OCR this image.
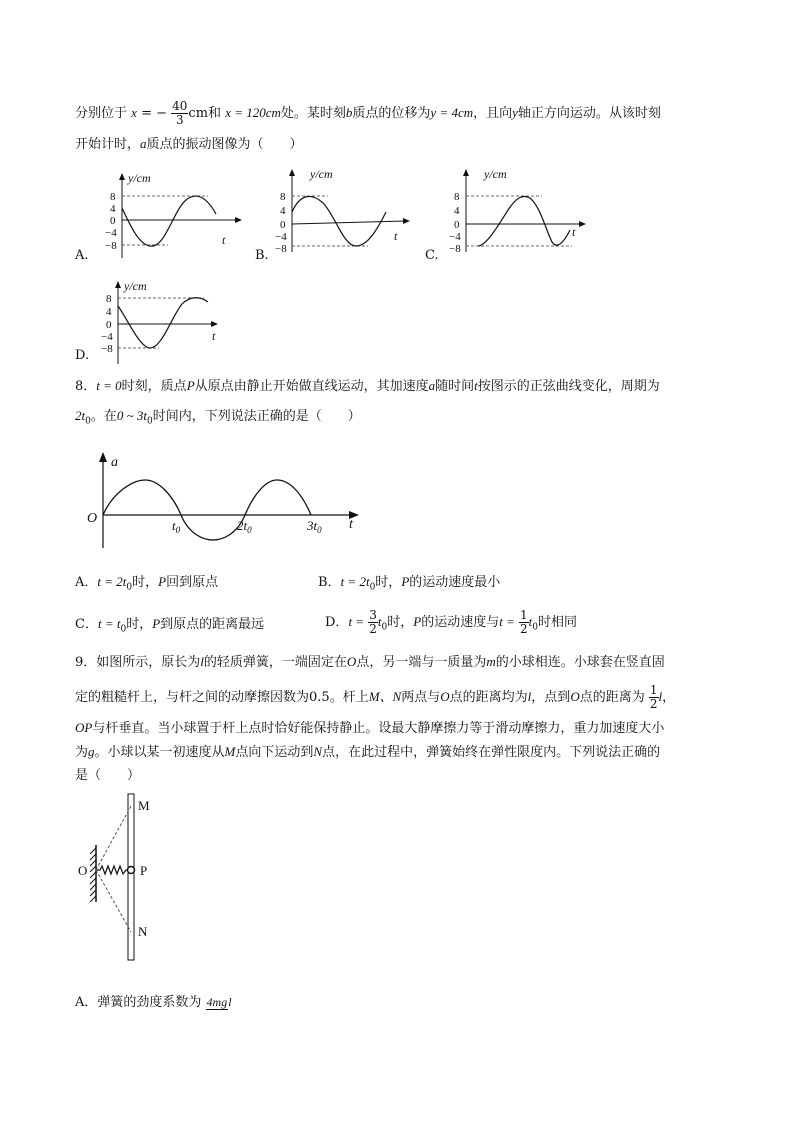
分别位于 x = − $\frac{40}{3}$ cm和 x = 120cm处。某时刻b质点的位移为y = 4cm，且向y轴正方向运动。从该时刻
开始计时，a质点的振动图像为（　　）
A.
y/cm
8
4
0
−4
−8	t
B.
y/cm
8
4
0
−4
−8
t
C.
y/cm
8
4
0
−4
−8
t
D.
y/cm
8
4
0
−4
−8
t
8．t = 0时刻，质点P从原点由静止开始做直线运动，其加速度a随时间t按图示的正弦曲线变化，周期为
$2t_0$。在0 ~ $3t_0$时间内，下列说法正确的是（　　）
a
O	t
$t_0$	$2t_0$	$3t_0$
A．$t = 2t_0$时，P回到原点	B．$t = 2t_0$时，P的运动速度最小
C．$t = t_0$时，P到原点的距离最远	D．$t = \frac{3}{2} t_0$时，P的运动速度与$t = \frac{1}{2} t_0$时相同
9．如图所示，原长为l的轻质弹簧，一端固定在O点，另一端与一质量为m的小球相连。小球套在竖直固
定的粗糙杆上，与杆之间的动摩擦因数为0.5。杆上M、N两点与O点的距离均为l，点到O点的距离为 $\frac{1}{2}$ l，
OP与杆垂直。当小球置于杆上点时恰好能保持静止。设最大静摩擦力等于滑动摩擦力，重力加速度大小
为g。小球以某一初速度从M点向下运动到N点，在此过程中，弹簧始终在弹性限度内。下列说法正确的
是（　　）
M
O	P
N
A．弹簧的劲度系数为 4mgl
